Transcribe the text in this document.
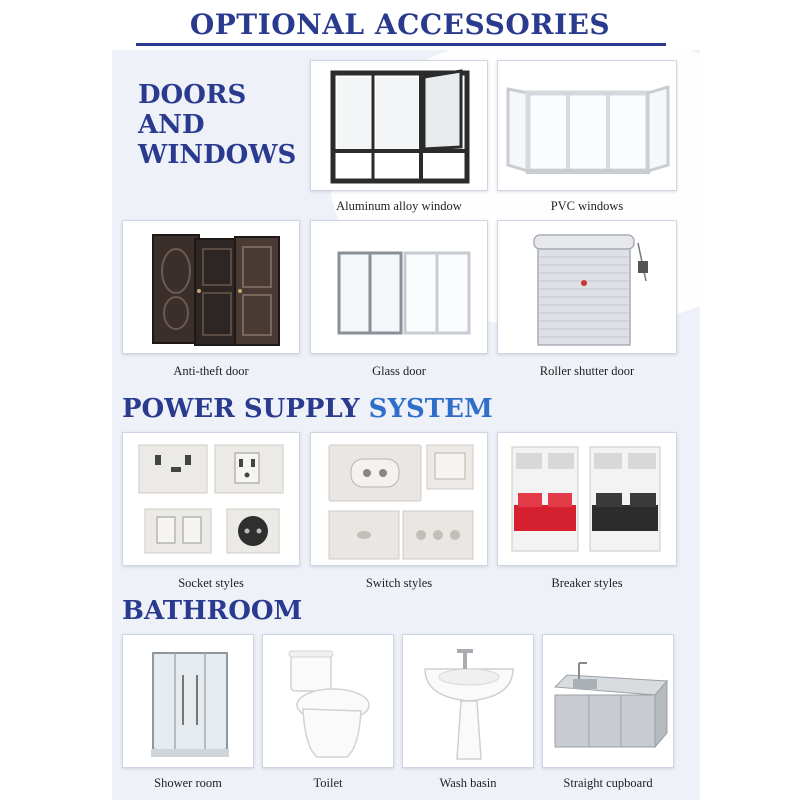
OPTIONAL ACCESSORIES
DOORS AND WINDOWS
POWER SUPPLY SYSTEM
BATHROOM
Aluminum alloy window	PVC windows
Anti-theft door	Glass door	Roller shutter door
Socket styles	Switch styles	Breaker styles
Shower room	Toilet	Wash basin	Straight cupboard
